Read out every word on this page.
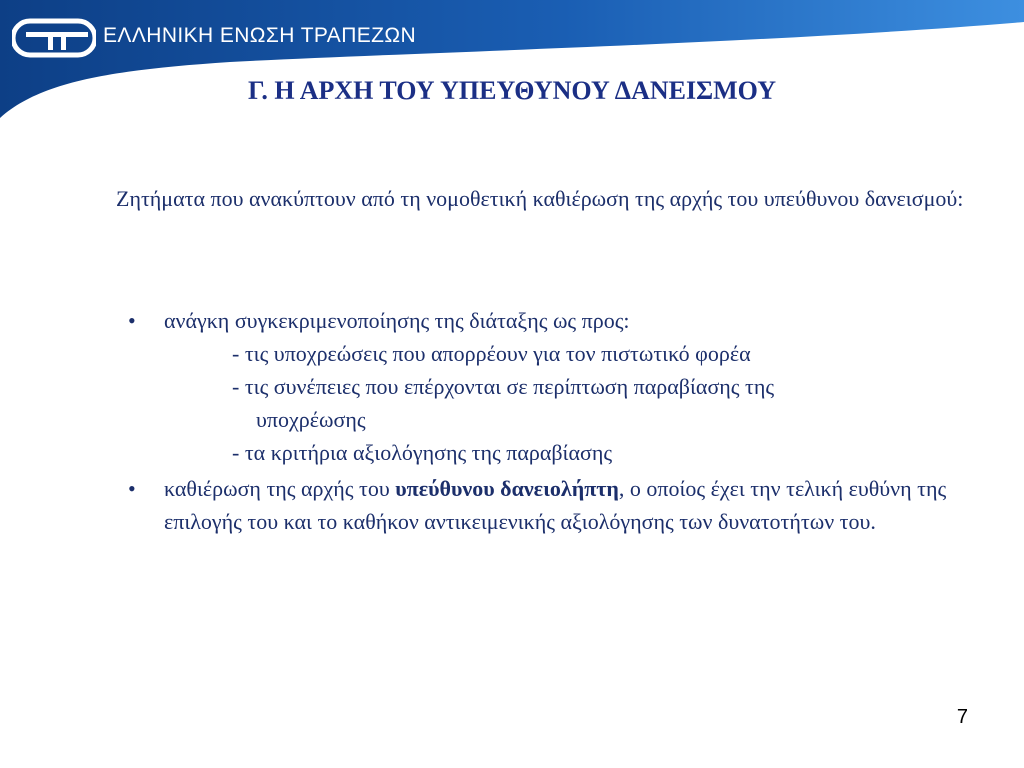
ΕΛΛΗΝΙΚΗ ΕΝΩΣΗ ΤΡΑΠΕΖΩΝ
Γ. Η ΑΡΧΗ ΤΟΥ ΥΠΕΥΘΥΝΟΥ ΔΑΝΕΙΣΜΟΥ

Ζητήματα που ανακύπτουν από τη νομοθετική καθιέρωση της αρχής του υπεύθυνου δανεισμού:

• ανάγκη συγκεκριμενοποίησης της διάταξης ως προς:

- τις υποχρεώσεις που απορρέουν για τον πιστωτικό φορέα

- τις συνέπειες που επέρχονται σε περίπτωση παραβίασης της
υποχρέωσης

- τα κριτήρια αξιολόγησης της παραβίασης

• καθιέρωση της αρχής του υπεύθυνου δανειολήπτη, ο οποίος έχει την τελική ευθύνη της επιλογής του και το καθήκον αντικειμενικής αξιολόγησης των δυνατοτήτων του.

7
